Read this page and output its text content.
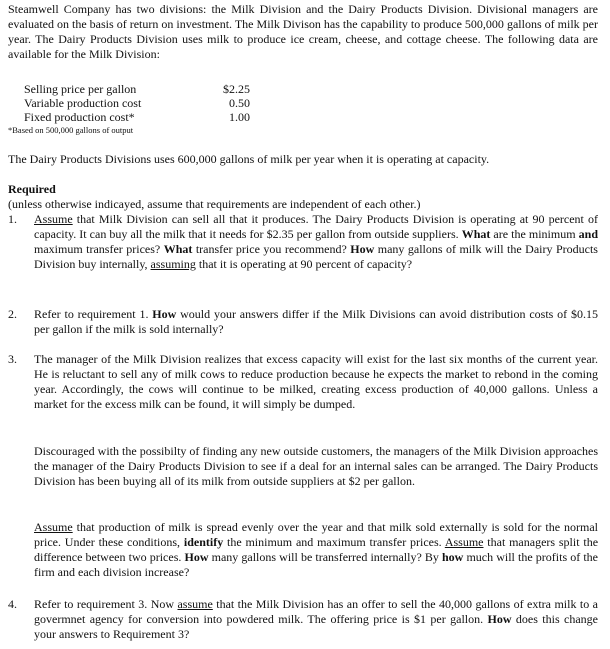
Steamwell Company has two divisions: the Milk Division and the Dairy Products Division. Divisional managers are evaluated on the basis of return on investment. The Milk Divison has the capability to produce 500,000 gallons of milk per year. The Dairy Products Division uses milk to produce ice cream, cheese, and cottage cheese. The following data are available for the Milk Division:
Selling price per gallon	$2.25
Variable production cost	0.50
Fixed production cost*	1.00
*Based on 500,000 gallons of output
The Dairy Products Divisions uses 600,000 gallons of milk per year when it is operating at capacity.
Required
(unless otherwise indicayed, assume that requirements are independent of each other.)
1.	Assume that Milk Division can sell all that it produces. The Dairy Products Division is operating at 90 percent of capacity. It can buy all the milk that it needs for $2.35 per gallon from outside suppliers. What are the minimum and maximum transfer prices? What transfer price you recommend? How many gallons of milk will the Dairy Products Division buy internally, assuming that it is operating at 90 percent of capacity?
2.	Refer to requirement 1. How would your answers differ if the Milk Divisions can avoid distribution costs of $0.15 per gallon if the milk is sold internally?
3.	The manager of the Milk Division realizes that excess capacity will exist for the last six months of the current year. He is reluctant to sell any of milk cows to reduce production because he expects the market to rebond in the coming year. Accordingly, the cows will continue to be milked, creating excess production of 40,000 gallons. Unless a market for the excess milk can be found, it will simply be dumped.
Discouraged with the possibilty of finding any new outside customers, the managers of the Milk Division approaches the manager of the Dairy Products Division to see if a deal for an internal sales can be arranged. The Dairy Products Division has been buying all of its milk from outside suppliers at $2 per gallon.
Assume that production of milk is spread evenly over the year and that milk sold externally is sold for the normal price. Under these conditions, identify the minimum and maximum transfer prices. Assume that managers split the difference between two prices. How many gallons will be transferred internally? By how much will the profits of the firm and each division increase?
4.	Refer to requirement 3. Now assume that the Milk Division has an offer to sell the 40,000 gallons of extra milk to a govermnet agency for conversion into powdered milk. The offering price is $1 per gallon. How does this change your answers to Requirement 3?
